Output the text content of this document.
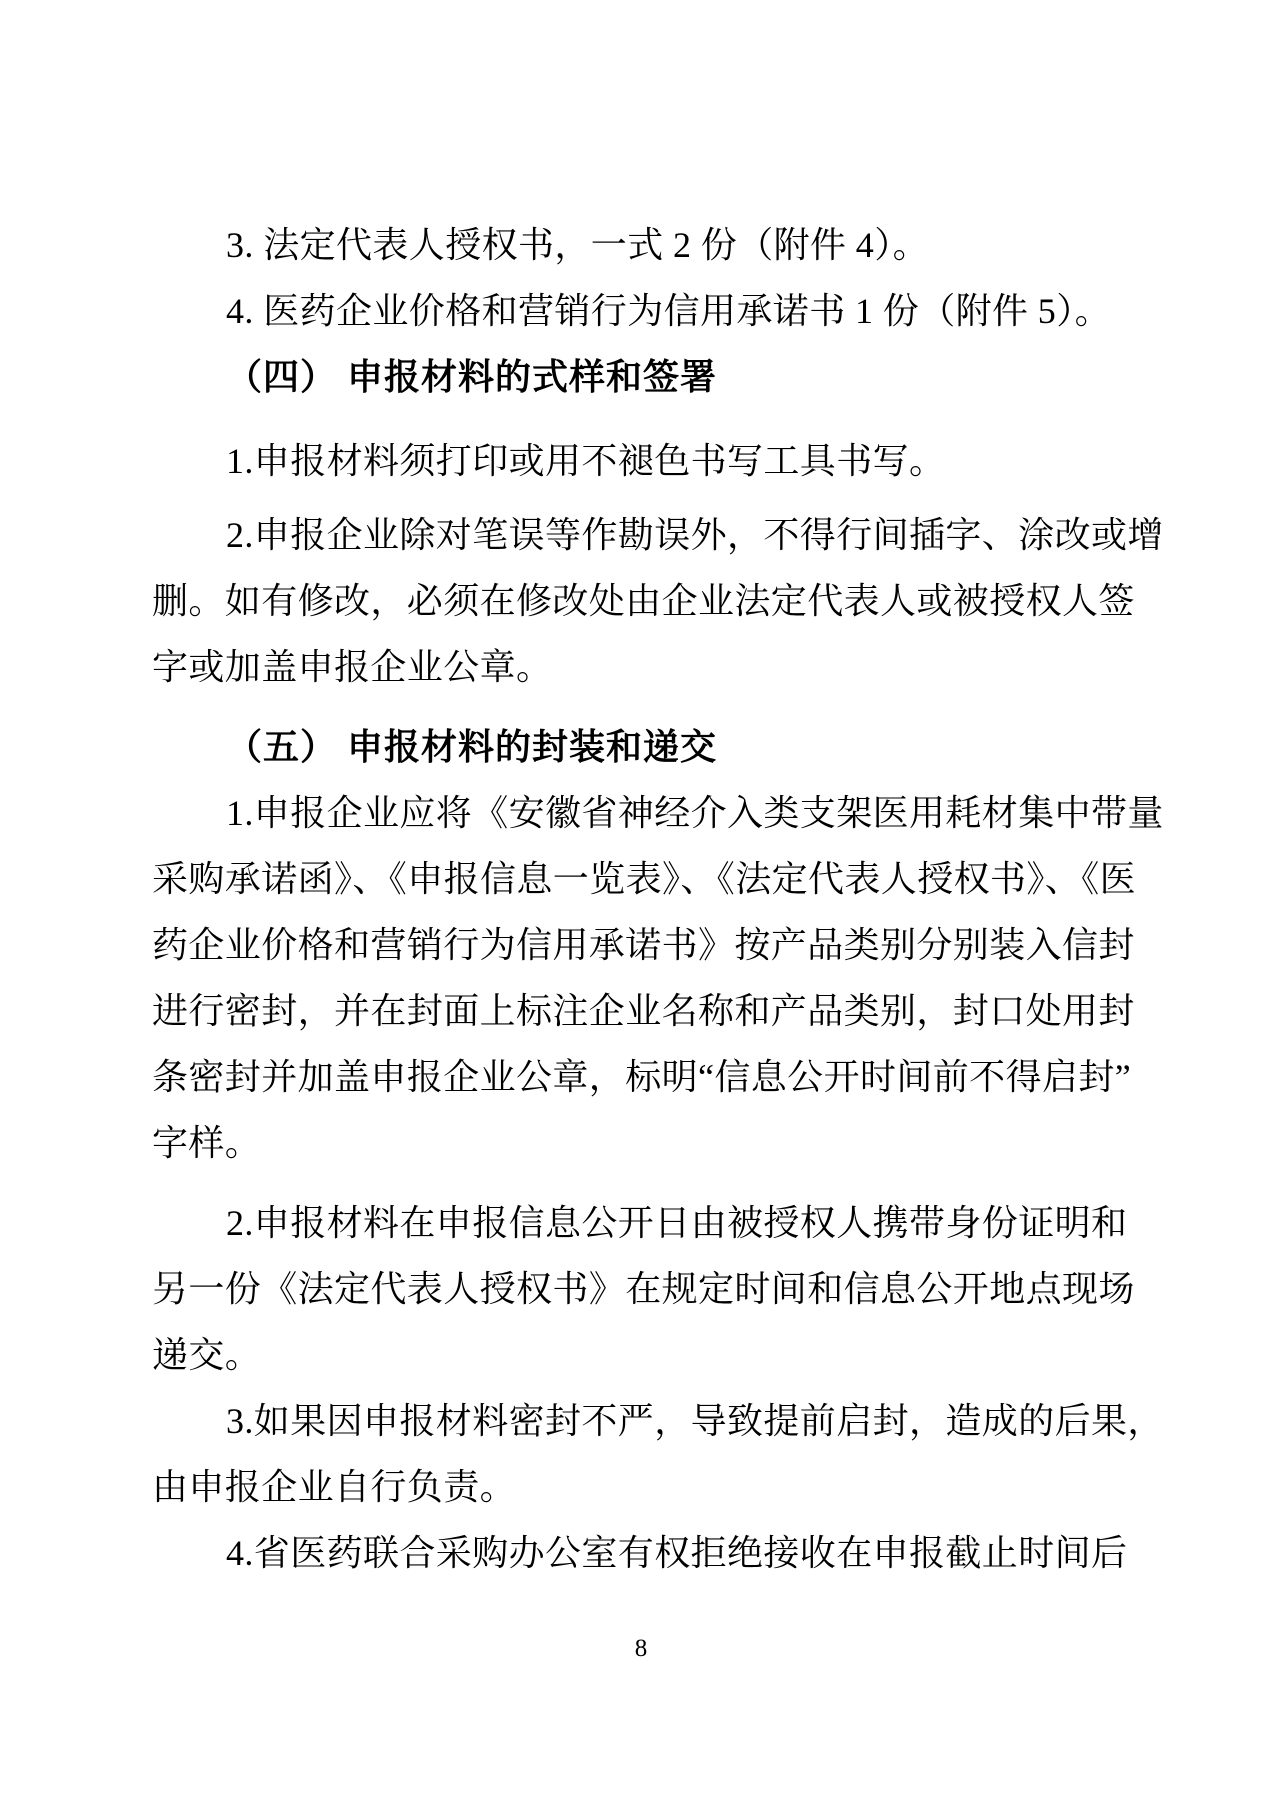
3. 法定代表人授权书，一式 2 份（附件 4）。
4. 医药企业价格和营销行为信用承诺书 1 份（附件 5）。
（四） 申报材料的式样和签署
1.申报材料须打印或用不褪色书写工具书写。
2.申报企业除对笔误等作勘误外，不得行间插字、涂改或增
删。如有修改，必须在修改处由企业法定代表人或被授权人签
字或加盖申报企业公章。
（五） 申报材料的封装和递交
1.申报企业应将《安徽省神经介入类支架医用耗材集中带量
采购承诺函》、《申报信息一览表》、《法定代表人授权书》、《医
药企业价格和营销行为信用承诺书》按产品类别分别装入信封
进行密封，并在封面上标注企业名称和产品类别，封口处用封
条密封并加盖申报企业公章，标明“信息公开时间前不得启封”
字样。
2.申报材料在申报信息公开日由被授权人携带身份证明和
另一份《法定代表人授权书》在规定时间和信息公开地点现场
递交。
3.如果因申报材料密封不严，导致提前启封，造成的后果，
由申报企业自行负责。
4.省医药联合采购办公室有权拒绝接收在申报截止时间后
8
